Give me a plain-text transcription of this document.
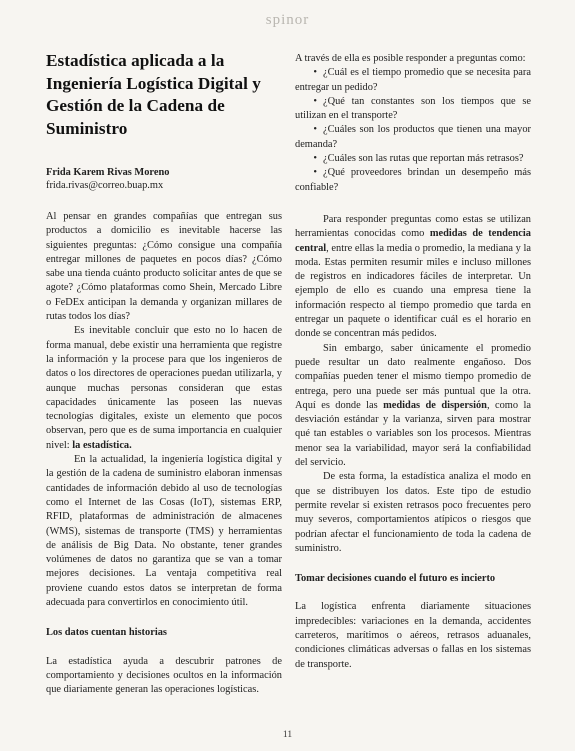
spinor
Estadística aplicada a la Ingeniería Logística Digital y Gestión de la Cadena de Suministro
Frida Karem Rivas Moreno
frida.rivas@correo.buap.mx

Al pensar en grandes compañías que entregan sus productos a domicilio es inevitable hacerse las siguientes preguntas: ¿Cómo consigue una compañía entregar millones de paquetes en pocos días? ¿Cómo sabe una tienda cuánto producto solicitar antes de que se agote? ¿Cómo plataformas como Shein, Mercado Libre o FeDEx anticipan la demanda y organizan millares de rutas todos los días?

Es inevitable concluir que esto no lo hacen de forma manual, debe existir una herramienta que registre la información y la procese para que los ingenieros de datos o los directores de operaciones puedan utilizarla, y aunque muchas personas consideran que estas capacidades únicamente las poseen las nuevas tecnologías digitales, existe un elemento que pocos observan, pero que es de suma importancia en cualquier nivel: la estadística.

En la actualidad, la ingeniería logística digital y la gestión de la cadena de suministro elaboran inmensas cantidades de información debido al uso de tecnologías como el Internet de las Cosas (IoT), sistemas ERP, RFID, plataformas de administración de almacenes (WMS), sistemas de transporte (TMS) y herramientas de análisis de Big Data. No obstante, tener grandes volúmenes de datos no garantiza que se van a tomar mejores decisiones. La ventaja competitiva real proviene cuando estos datos se interpretan de forma adecuada para convertirlos en conocimiento útil.

Los datos cuentan historias

La estadística ayuda a descubrir patrones de comportamiento y decisiones ocultos en la información que diariamente generan las operaciones logísticas.

A través de ella es posible responder a preguntas como:

• ¿Cuál es el tiempo promedio que se necesita para entregar un pedido?
• ¿Qué tan constantes son los tiempos que se utilizan en el transporte?
• ¿Cuáles son los productos que tienen una mayor demanda?
• ¿Cuáles son las rutas que reportan más retrasos?
• ¿Qué proveedores brindan un desempeño más confiable?

Para responder preguntas como estas se utilizan herramientas conocidas como medidas de tendencia central, entre ellas la media o promedio, la mediana y la moda. Estas permiten resumir miles e incluso millones de registros en indicadores fáciles de interpretar. Un ejemplo de ello es cuando una empresa tiene la información respecto al tiempo promedio que tarda en entregar un paquete o identificar cuál es el horario en donde se concentran más pedidos.

Sin embargo, saber únicamente el promedio puede resultar un dato realmente engañoso. Dos compañías pueden tener el mismo tiempo promedio de entrega, pero una puede ser más puntual que la otra. Aquí es donde las medidas de dispersión, como la desviación estándar y la varianza, sirven para mostrar qué tan estables o variables son los procesos. Mientras menor sea la variabilidad, mayor será la confiabilidad del servicio.

De esta forma, la estadística analiza el modo en que se distribuyen los datos. Este tipo de estudio permite revelar si existen retrasos poco frecuentes pero muy severos, comportamientos atípicos o riesgos que podrían afectar el funcionamiento de toda la cadena de suministro.

Tomar decisiones cuando el futuro es incierto

La logística enfrenta diariamente situaciones impredecibles: variaciones en la demanda, accidentes carreteros, marítimos o aéreos, retrasos aduanales, condiciones climáticas adversas o fallas en los sistemas de transporte.

11
